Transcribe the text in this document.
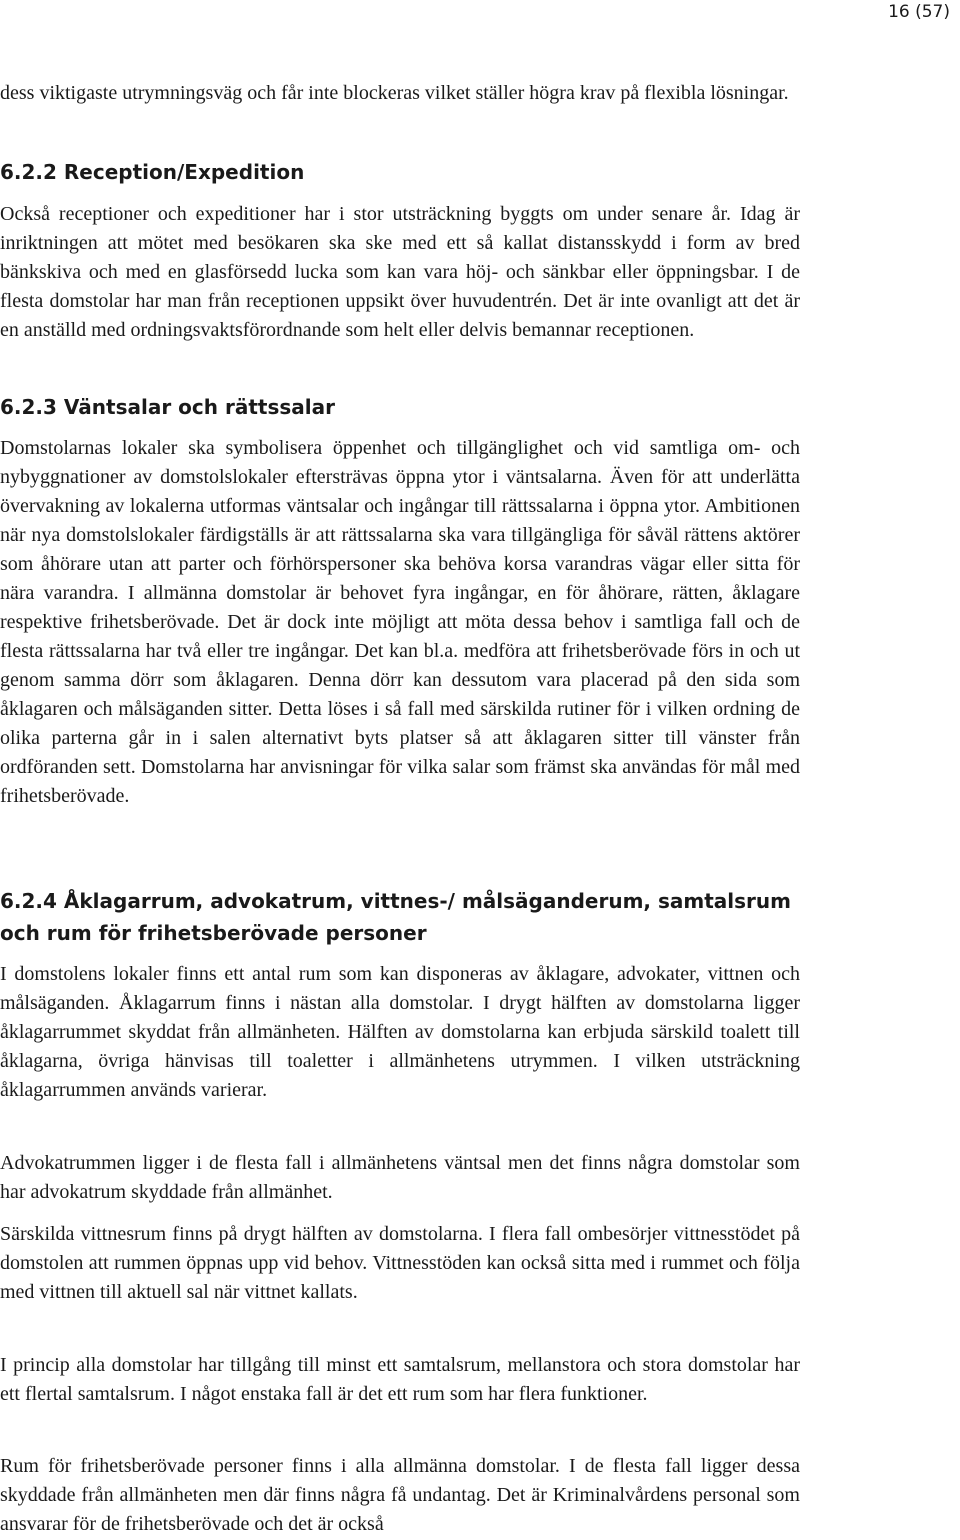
16 (57)

dess viktigaste utrymningsväg och får inte blockeras vilket ställer högra krav på flexibla lösningar.

6.2.2 Reception/Expedition

Också receptioner och expeditioner har i stor utsträckning byggts om under senare år. Idag är inriktningen att mötet med besökaren ska ske med ett så kallat distansskydd i form av bred bänkskiva och med en glasförsedd lucka som kan vara höj- och sänkbar eller öppningsbar. I de flesta domstolar har man från receptionen uppsikt över huvudentrén. Det är inte ovanligt att det är en anställd med ordningsvaktsförordnande som helt eller delvis bemannar receptionen.

6.2.3 Väntsalar och rättssalar

Domstolarnas lokaler ska symbolisera öppenhet och tillgänglighet och vid samtliga om- och nybyggnationer av domstolslokaler eftersträvas öppna ytor i väntsalarna. Även för att underlätta övervakning av lokalerna utformas väntsalar och ingångar till rättssalarna i öppna ytor. Ambitionen när nya domstolslokaler färdigställs är att rättssalarna ska vara tillgängliga för såväl rättens aktörer som åhörare utan att parter och förhörspersoner ska behöva korsa varandras vägar eller sitta för nära varandra. I allmänna domstolar är behovet fyra ingångar, en för åhörare, rätten, åklagare respektive frihetsberövade. Det är dock inte möjligt att möta dessa behov i samtliga fall och de flesta rättssalarna har två eller tre ingångar. Det kan bl.a. medföra att frihetsberövade förs in och ut genom samma dörr som åklagaren. Denna dörr kan dessutom vara placerad på den sida som åklagaren och målsäganden sitter. Detta löses i så fall med särskilda rutiner för i vilken ordning de olika parterna går in i salen alternativt byts platser så att åklagaren sitter till vänster från ordföranden sett. Domstolarna har anvisningar för vilka salar som främst ska användas för mål med frihetsberövade.

6.2.4 Åklagarrum, advokatrum, vittnes-/ målsäganderum, samtalsrum och rum för frihetsberövade personer

I domstolens lokaler finns ett antal rum som kan disponeras av åklagare, advokater, vittnen och målsäganden. Åklagarrum finns i nästan alla domstolar. I drygt hälften av domstolarna ligger åklagarrummet skyddat från allmänheten. Hälften av domstolarna kan erbjuda särskild toalett till åklagarna, övriga hänvisas till toaletter i allmänhetens utrymmen. I vilken utsträckning åklagarrummen används varierar.

Advokatrummen ligger i de flesta fall i allmänhetens väntsal men det finns några domstolar som har advokatrum skyddade från allmänhet.

Särskilda vittnesrum finns på drygt hälften av domstolarna. I flera fall ombesörjer vittnesstödet på domstolen att rummen öppnas upp vid behov. Vittnesstöden kan också sitta med i rummet och följa med vittnen till aktuell sal när vittnet kallats.

I princip alla domstolar har tillgång till minst ett samtalsrum, mellanstora och stora domstolar har ett flertal samtalsrum. I något enstaka fall är det ett rum som har flera funktioner.

Rum för frihetsberövade personer finns i alla allmänna domstolar. I de flesta fall ligger dessa skyddade från allmänheten men där finns några få undantag. Det är Kriminalvårdens personal som ansvarar för de frihetsberövade och det är också
